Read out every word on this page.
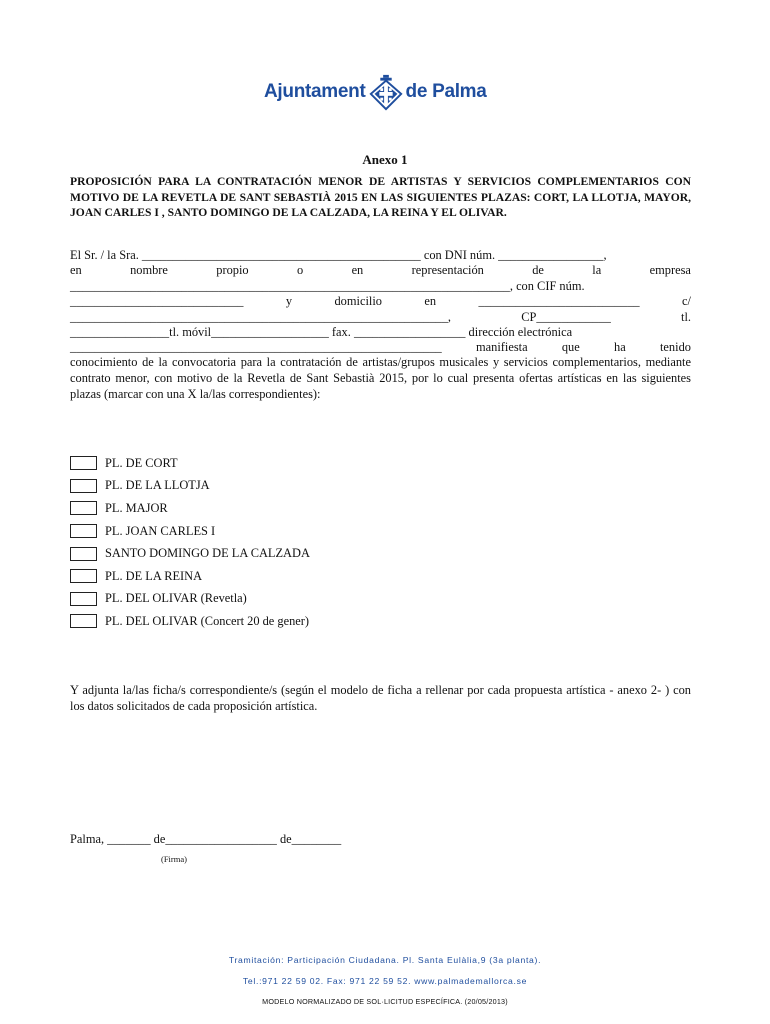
Ajuntament de Palma
Anexo 1
PROPOSICIÓN PARA LA CONTRATACIÓN MENOR DE ARTISTAS Y SERVICIOS COMPLEMENTARIOS CON MOTIVO DE LA REVETLA DE SANT SEBASTIÀ 2015 EN LAS SIGUIENTES PLAZAS: CORT, LA LLOTJA, MAYOR, JOAN CARLES I , SANTO DOMINGO DE LA CALZADA, LA REINA Y EL OLIVAR.
El Sr. / la Sra. _____________________________________________ con DNI núm. _________________,
en	nombre	propio	o	en	representación	de	la	empresa
_______________________________________________________________________, con CIF núm.
____________________________	y	domicilio	en	__________________________	c/
_____________________________________________________________,	CP____________	tl.
________________tl. móvil___________________ fax. __________________ dirección electrónica
____________________________________________________________	manifiesta	que	ha	tenido
conocimiento de la convocatoria para la contratación de artistas/grupos musicales y servicios complementarios, mediante contrato menor, con motivo de la Revetla de Sant Sebastià 2015, por lo cual presenta ofertas artísticas en las siguientes plazas (marcar con una X la/las correspondientes):
PL. DE CORT
PL. DE LA LLOTJA
PL. MAJOR
PL. JOAN CARLES I
SANTO DOMINGO DE LA CALZADA
PL. DE LA REINA
PL. DEL OLIVAR (Revetla)
PL. DEL OLIVAR (Concert 20 de gener)
Y adjunta la/las ficha/s correspondiente/s (según el modelo de ficha a rellenar por cada propuesta artística - anexo 2- ) con los datos solicitados de cada proposición artística.
Palma, _______ de__________________ de________
(Firma)
Tramitación: Participación Ciudadana. Pl. Santa Eulàlia,9 (3a planta).
Tel.:971 22 59 02. Fax: 971 22 59 52. www.palmademallorca.se
MODELO NORMALIZADO DE SOL·LICITUD ESPECÍFICA. (20/05/2013)
